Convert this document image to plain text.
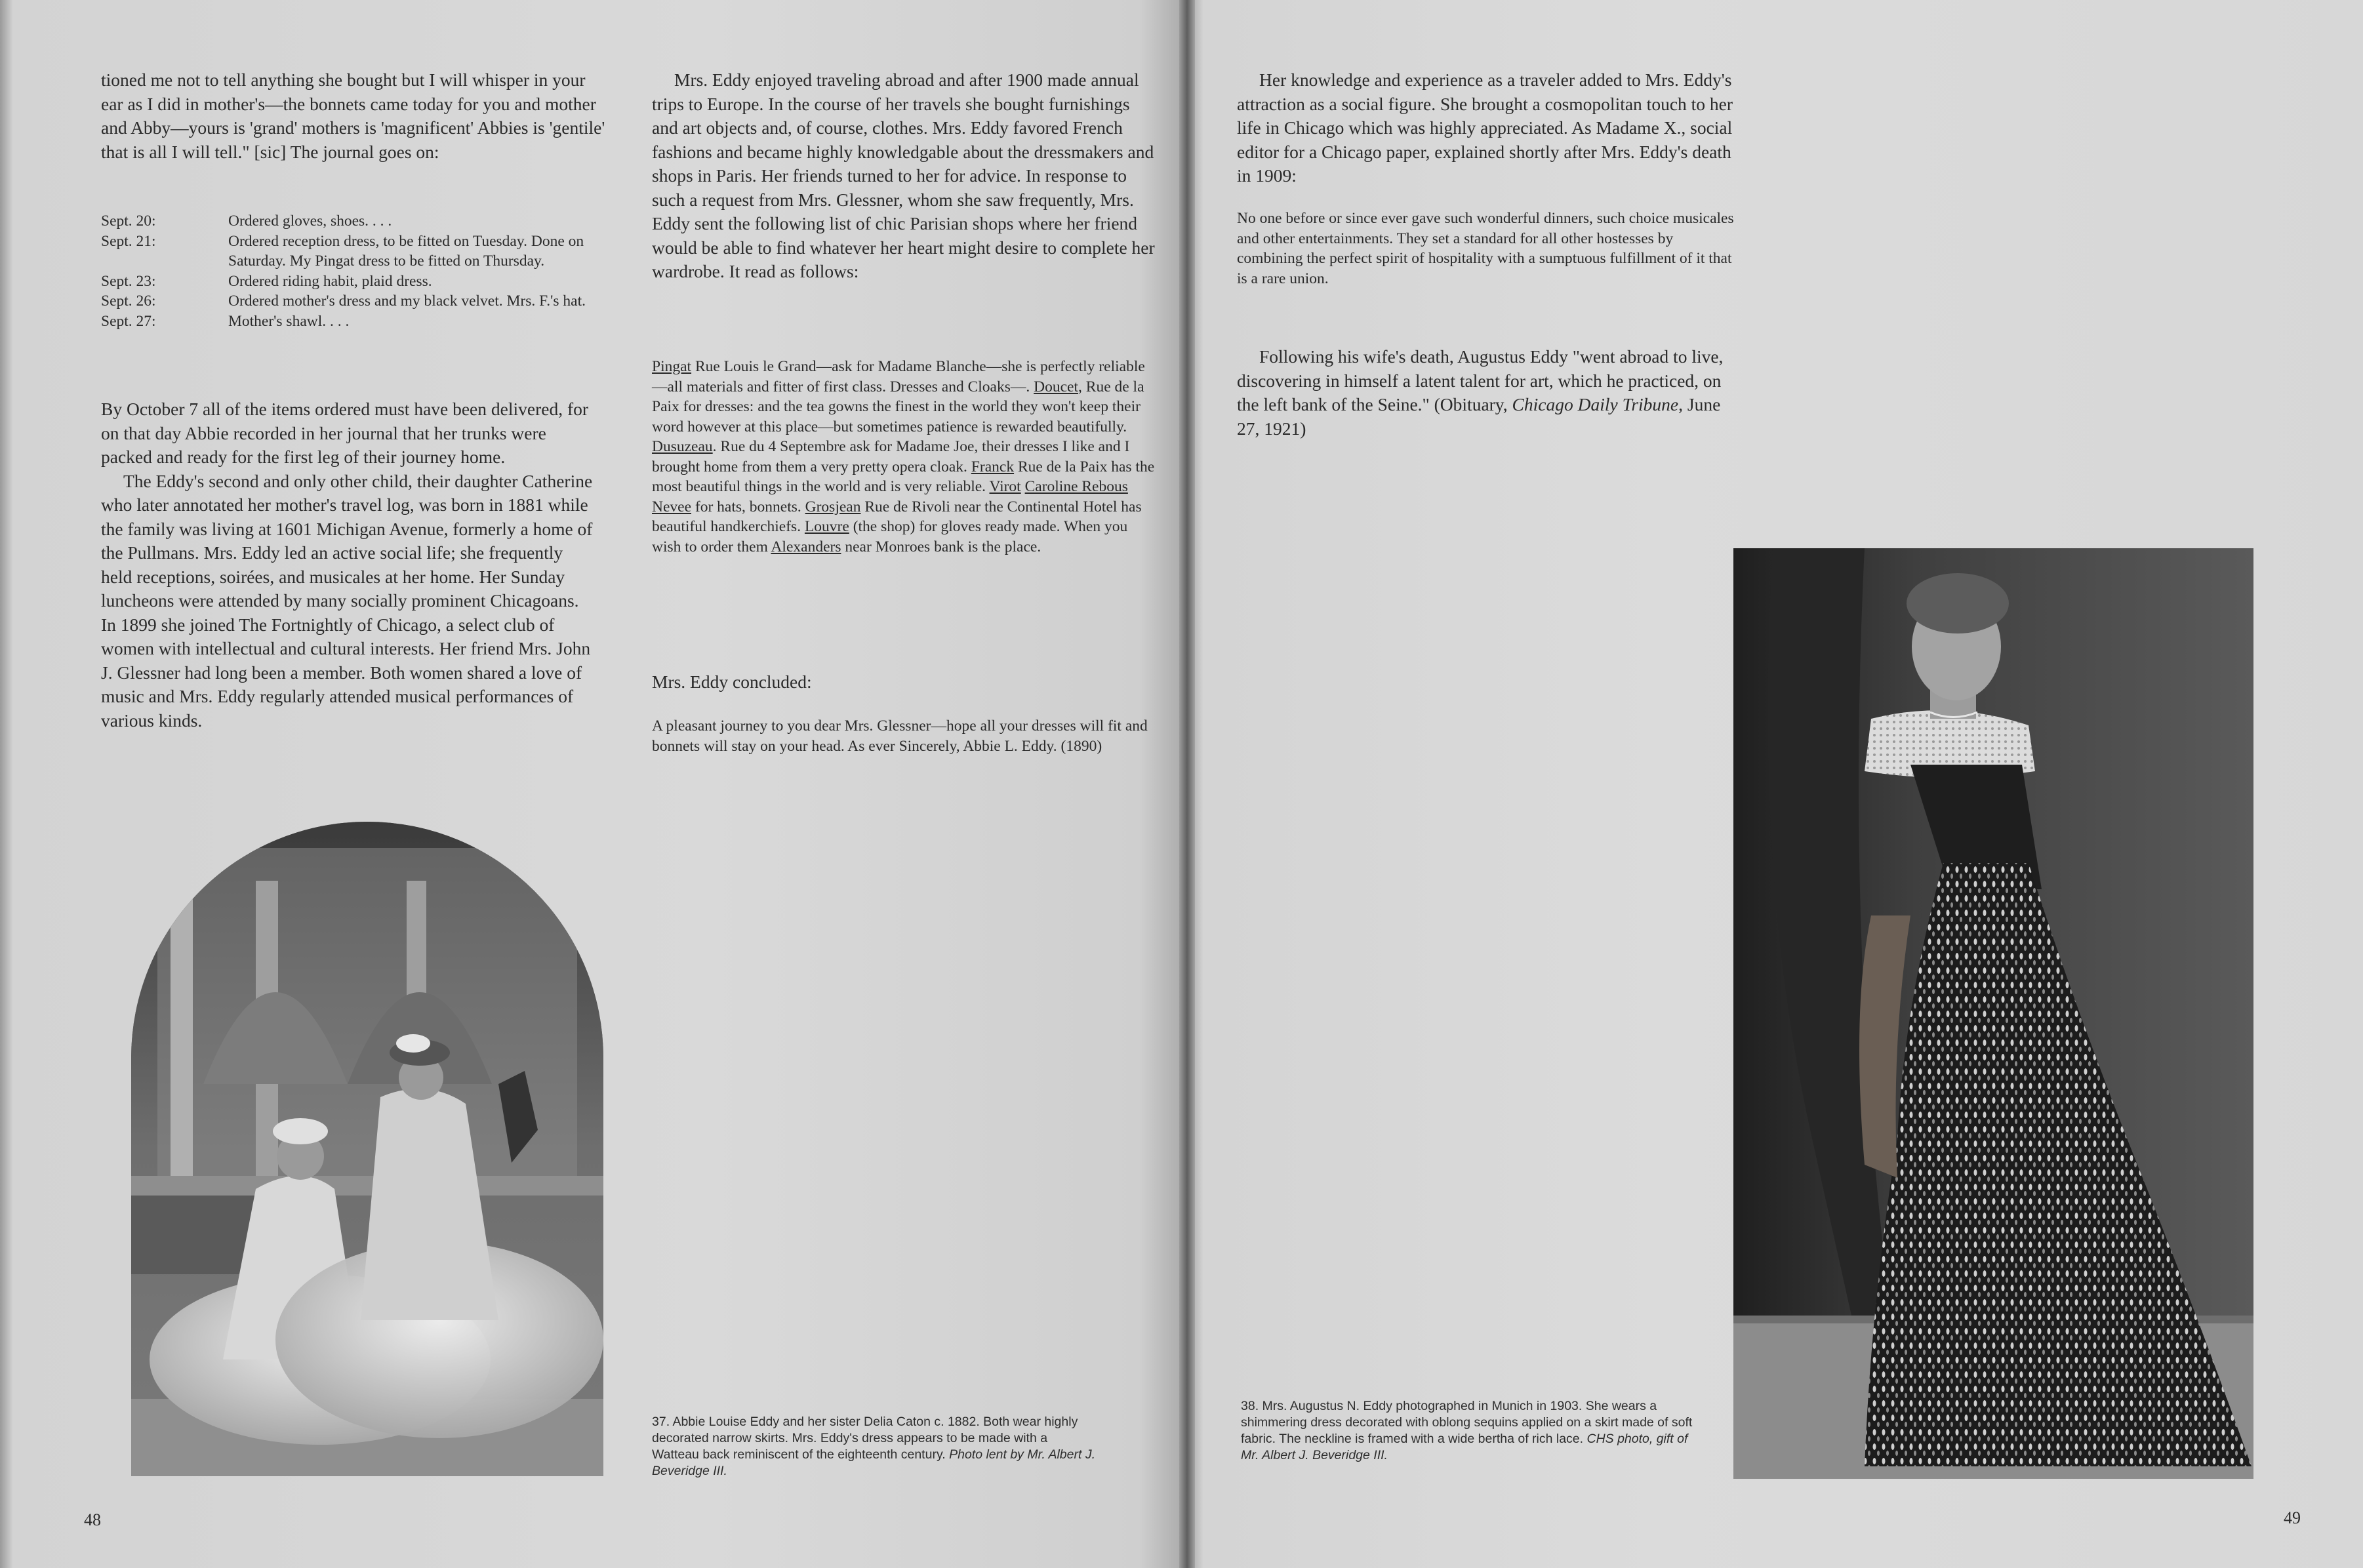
tioned me not to tell anything she bought but I will whisper in your ear as I did in mother's—the bonnets came today for you and mother and Abby—yours is 'grand' mothers is 'magnificent' Abbies is 'gentile' that is all I will tell." [sic] The journal goes on:

Sept. 20:	Ordered gloves, shoes. . . .
Sept. 21:	Ordered reception dress, to be fitted on Tuesday. Done on Saturday. My Pingat dress to be fitted on Thursday.
Sept. 23:	Ordered riding habit, plaid dress.
Sept. 26:	Ordered mother's dress and my black velvet. Mrs. F.'s hat.
Sept. 27:	Mother's shawl. . . .

By October 7 all of the items ordered must have been delivered, for on that day Abbie recorded in her journal that her trunks were packed and ready for the first leg of their journey home.

The Eddy's second and only other child, their daughter Catherine who later annotated her mother's travel log, was born in 1881 while the family was living at 1601 Michigan Avenue, formerly a home of the Pullmans. Mrs. Eddy led an active social life; she frequently held receptions, soirées, and musicales at her home. Her Sunday luncheons were attended by many socially prominent Chicagoans. In 1899 she joined The Fortnightly of Chicago, a select club of women with intellectual and cultural interests. Her friend Mrs. John J. Glessner had long been a member. Both women shared a love of music and Mrs. Eddy regularly attended musical performances of various kinds.

Mrs. Eddy enjoyed traveling abroad and after 1900 made annual trips to Europe. In the course of her travels she bought furnishings and art objects and, of course, clothes. Mrs. Eddy favored French fashions and became highly knowledgable about the dressmakers and shops in Paris. Her friends turned to her for advice. In response to such a request from Mrs. Glessner, whom she saw frequently, Mrs. Eddy sent the following list of chic Parisian shops where her friend would be able to find whatever her heart might desire to complete her wardrobe. It read as follows:

Pingat Rue Louis le Grand—ask for Madame Blanche—she is perfectly reliable—all materials and fitter of first class. Dresses and Cloaks—. Doucet, Rue de la Paix for dresses: and the tea gowns the finest in the world they won't keep their word however at this place—but sometimes patience is rewarded beautifully. Dusuzeau. Rue du 4 Septembre ask for Madame Joe, their dresses I like and I brought home from them a very pretty opera cloak. Franck Rue de la Paix has the most beautiful things in the world and is very reliable. Virot Caroline Rebous Nevee for hats, bonnets. Grosjean Rue de Rivoli near the Continental Hotel has beautiful handkerchiefs. Louvre (the shop) for gloves ready made. When you wish to order them Alexanders near Monroes bank is the place.

Mrs. Eddy concluded:

A pleasant journey to you dear Mrs. Glessner—hope all your dresses will fit and bonnets will stay on your head. As ever Sincerely, Abbie L. Eddy. (1890)

37. Abbie Louise Eddy and her sister Delia Caton c. 1882. Both wear highly decorated narrow skirts. Mrs. Eddy's dress appears to be made with a Watteau back reminiscent of the eighteenth century. Photo lent by Mr. Albert J. Beveridge III.
48

Her knowledge and experience as a traveler added to Mrs. Eddy's attraction as a social figure. She brought a cosmopolitan touch to her life in Chicago which was highly appreciated. As Madame X., social editor for a Chicago paper, explained shortly after Mrs. Eddy's death in 1909:

No one before or since ever gave such wonderful dinners, such choice musicales and other entertainments. They set a standard for all other hostesses by combining the perfect spirit of hospitality with a sumptuous fulfillment of it that is a rare union.

Following his wife's death, Augustus Eddy "went abroad to live, discovering in himself a latent talent for art, which he practiced, on the left bank of the Seine." (Obituary, Chicago Daily Tribune, June 27, 1921)

38. Mrs. Augustus N. Eddy photographed in Munich in 1903. She wears a shimmering dress decorated with oblong sequins applied on a skirt made of soft fabric. The neckline is framed with a wide bertha of rich lace. CHS photo, gift of Mr. Albert J. Beveridge III.
49
